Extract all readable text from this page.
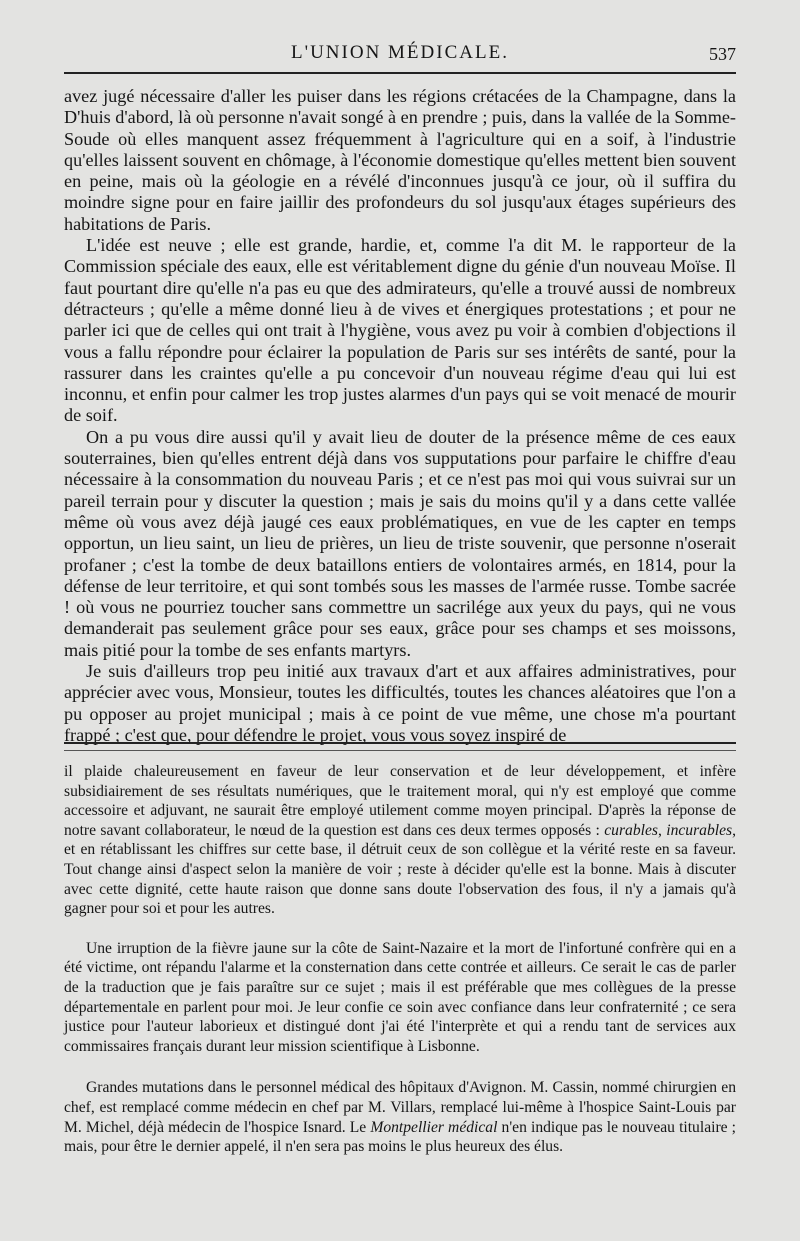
L'UNION MÉDICALE.	537

avez jugé nécessaire d'aller les puiser dans les régions crétacées de la Champagne, dans la D'huis d'abord, là où personne n'avait songé à en prendre ; puis, dans la vallée de la Somme-Soude où elles manquent assez fréquemment à l'agriculture qui en a soif, à l'industrie qu'elles laissent souvent en chômage, à l'économie domestique qu'elles mettent bien souvent en peine, mais où la géologie en a révélé d'inconnues jusqu'à ce jour, où il suffira du moindre signe pour en faire jaillir des profondeurs du sol jusqu'aux étages supérieurs des habitations de Paris.

L'idée est neuve ; elle est grande, hardie, et, comme l'a dit M. le rapporteur de la Commission spéciale des eaux, elle est véritablement digne du génie d'un nouveau Moïse. Il faut pourtant dire qu'elle n'a pas eu que des admirateurs, qu'elle a trouvé aussi de nombreux détracteurs ; qu'elle a même donné lieu à de vives et énergiques protestations ; et pour ne parler ici que de celles qui ont trait à l'hygiène, vous avez pu voir à combien d'objections il vous a fallu répondre pour éclairer la population de Paris sur ses intérêts de santé, pour la rassurer dans les craintes qu'elle a pu concevoir d'un nouveau régime d'eau qui lui est inconnu, et enfin pour calmer les trop justes alarmes d'un pays qui se voit menacé de mourir de soif.

On a pu vous dire aussi qu'il y avait lieu de douter de la présence même de ces eaux souterraines, bien qu'elles entrent déjà dans vos supputations pour parfaire le chiffre d'eau nécessaire à la consommation du nouveau Paris ; et ce n'est pas moi qui vous suivrai sur un pareil terrain pour y discuter la question ; mais je sais du moins qu'il y a dans cette vallée même où vous avez déjà jaugé ces eaux problématiques, en vue de les capter en temps opportun, un lieu saint, un lieu de prières, un lieu de triste souvenir, que personne n'oserait profaner ; c'est la tombe de deux bataillons entiers de volontaires armés, en 1814, pour la défense de leur territoire, et qui sont tombés sous les masses de l'armée russe. Tombe sacrée ! où vous ne pourriez toucher sans commettre un sacrilége aux yeux du pays, qui ne vous demanderait pas seulement grâce pour ses eaux, grâce pour ses champs et ses moissons, mais pitié pour la tombe de ses enfants martyrs.

Je suis d'ailleurs trop peu initié aux travaux d'art et aux affaires administratives, pour apprécier avec vous, Monsieur, toutes les difficultés, toutes les chances aléatoires que l'on a pu opposer au projet municipal ; mais à ce point de vue même, une chose m'a pourtant frappé ; c'est que, pour défendre le projet, vous vous soyez inspiré de

il plaide chaleureusement en faveur de leur conservation et de leur développement, et infère subsidiairement de ses résultats numériques, que le traitement moral, qui n'y est employé que comme accessoire et adjuvant, ne saurait être employé utilement comme moyen principal. D'après la réponse de notre savant collaborateur, le nœud de la question est dans ces deux termes opposés : curables, incurables, et en rétablissant les chiffres sur cette base, il détruit ceux de son collègue et la vérité reste en sa faveur. Tout change ainsi d'aspect selon la manière de voir ; reste à décider qu'elle est la bonne. Mais à discuter avec cette dignité, cette haute raison que donne sans doute l'observation des fous, il n'y a jamais qu'à gagner pour soi et pour les autres.

Une irruption de la fièvre jaune sur la côte de Saint-Nazaire et la mort de l'infortuné confrère qui en a été victime, ont répandu l'alarme et la consternation dans cette contrée et ailleurs. Ce serait le cas de parler de la traduction que je fais paraître sur ce sujet ; mais il est préférable que mes collègues de la presse départementale en parlent pour moi. Je leur confie ce soin avec confiance dans leur confraternité ; ce sera justice pour l'auteur laborieux et distingué dont j'ai été l'interprète et qui a rendu tant de services aux commissaires français durant leur mission scientifique à Lisbonne.

Grandes mutations dans le personnel médical des hôpitaux d'Avignon. M. Cassin, nommé chirurgien en chef, est remplacé comme médecin en chef par M. Villars, remplacé lui-même à l'hospice Saint-Louis par M. Michel, déjà médecin de l'hospice Isnard. Le Montpellier médical n'en indique pas le nouveau titulaire ; mais, pour être le dernier appelé, il n'en sera pas moins le plus heureux des élus.
